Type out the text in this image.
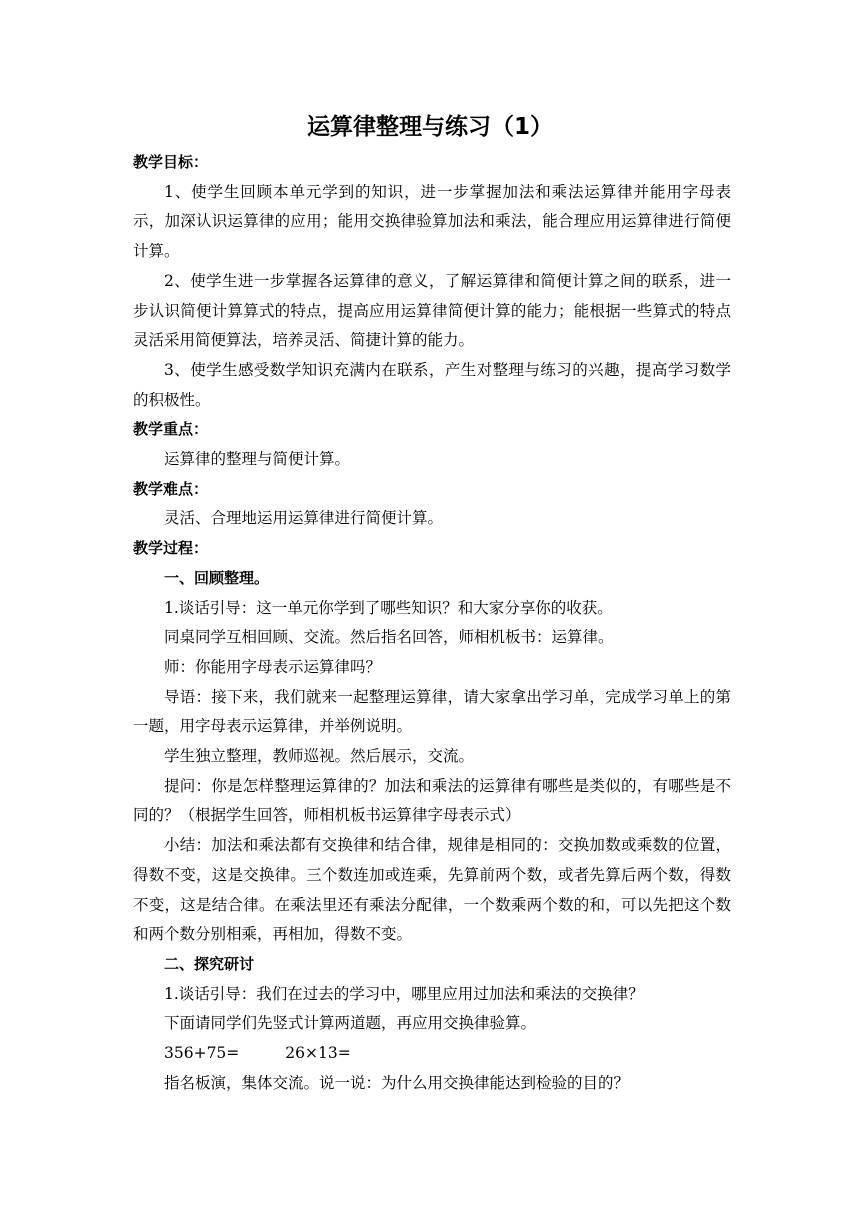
运算律整理与练习（1）

教学目标：

1、使学生回顾本单元学到的知识，进一步掌握加法和乘法运算律并能用字母表示，加深认识运算律的应用；能用交换律验算加法和乘法，能合理应用运算律进行简便计算。

2、使学生进一步掌握各运算律的意义，了解运算律和简便计算之间的联系，进一步认识简便计算算式的特点，提高应用运算律简便计算的能力；能根据一些算式的特点灵活采用简便算法，培养灵活、简捷计算的能力。

3、使学生感受数学知识充满内在联系，产生对整理与练习的兴趣，提高学习数学的积极性。

教学重点：

运算律的整理与简便计算。

教学难点：

灵活、合理地运用运算律进行简便计算。

教学过程：

一、回顾整理。

1.谈话引导：这一单元你学到了哪些知识？和大家分享你的收获。

同桌同学互相回顾、交流。然后指名回答，师相机板书：运算律。

师：你能用字母表示运算律吗？

导语：接下来，我们就来一起整理运算律，请大家拿出学习单，完成学习单上的第一题，用字母表示运算律，并举例说明。

学生独立整理，教师巡视。然后展示，交流。

提问：你是怎样整理运算律的？加法和乘法的运算律有哪些是类似的，有哪些是不同的？（根据学生回答，师相机板书运算律字母表示式）

小结：加法和乘法都有交换律和结合律，规律是相同的：交换加数或乘数的位置，得数不变，这是交换律。三个数连加或连乘，先算前两个数，或者先算后两个数，得数不变，这是结合律。在乘法里还有乘法分配律，一个数乘两个数的和，可以先把这个数和两个数分别相乘，再相加，得数不变。

二、探究研讨

1.谈话引导：我们在过去的学习中，哪里应用过加法和乘法的交换律？

下面请同学们先竖式计算两道题，再应用交换律验算。

356+75=	26×13=

指名板演，集体交流。说一说：为什么用交换律能达到检验的目的？
